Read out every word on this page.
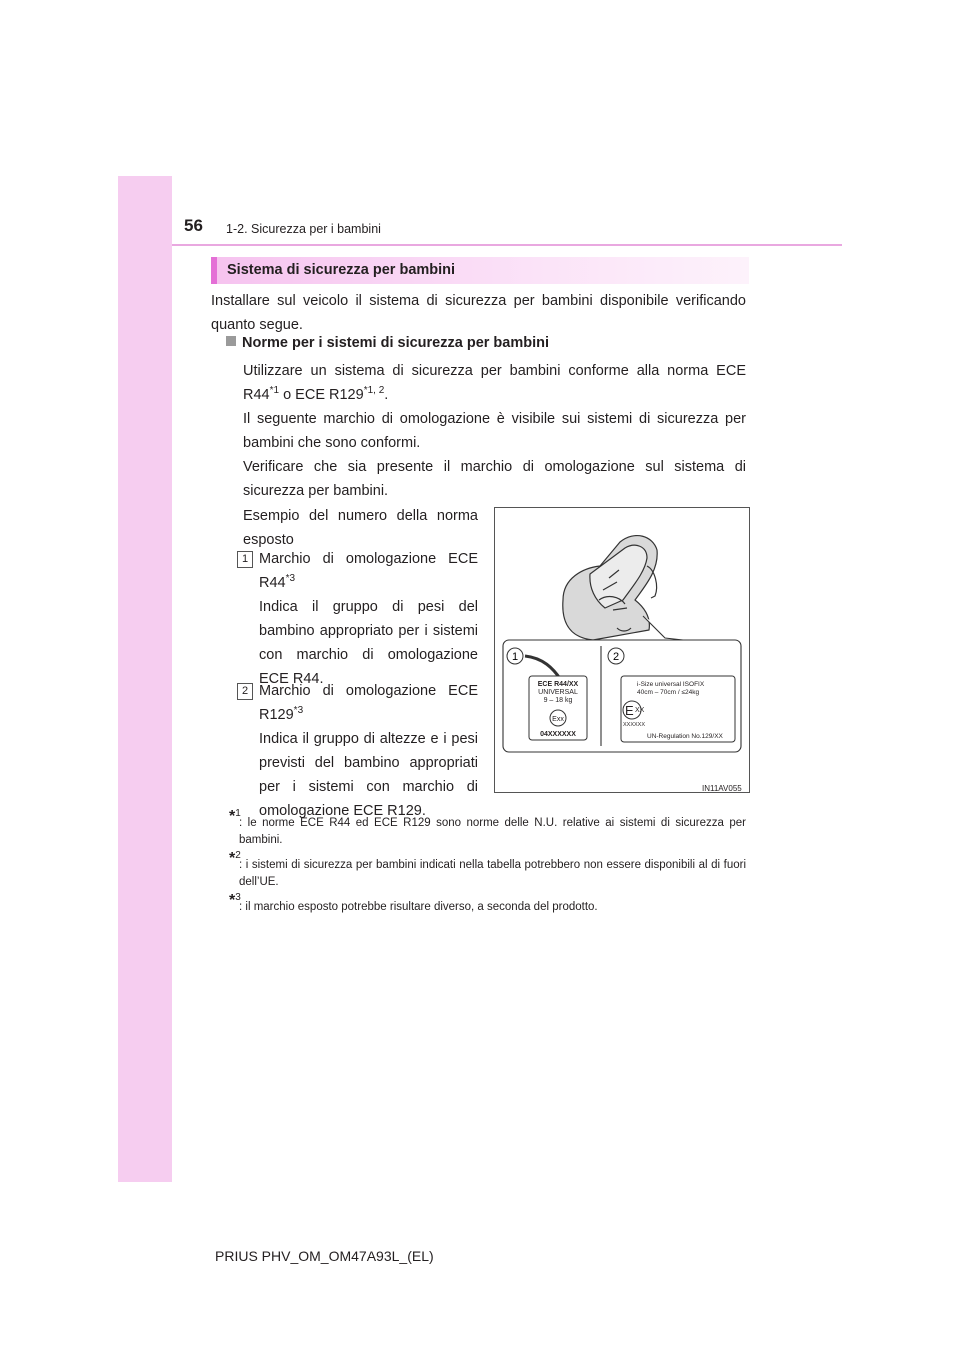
56 1-2. Sicurezza per i bambini
Sistema di sicurezza per bambini

Installare sul veicolo il sistema di sicurezza per bambini disponibile verificando quanto segue.

Norme per i sistemi di sicurezza per bambini

Utilizzare un sistema di sicurezza per bambini conforme alla norma ECE R44$^{*1}$ o ECE R129$^{*1, 2}$.

Il seguente marchio di omologazione è visibile sui sistemi di sicurezza per bambini che sono conformi.

Verificare che sia presente il marchio di omologazione sul sistema di sicurezza per bambini.

Esempio del numero della norma esposto

1 Marchio di omologazione ECE R44$^{*3}$

Indica il gruppo di pesi del bambino appropriato per i sistemi con marchio di omologazione ECE R44.

2 Marchio di omologazione ECE R129$^{*3}$

Indica il gruppo di altezze e i pesi previsti del bambino appropriati per i sistemi con marchio di omologazione ECE R129.

1	2
ECE R44/XX
UNIVERSAL
9 – 18 kg
Exx
04XXXXXX
i-Size universal ISOFIX
40cm – 70cm / ≤24kg
E XX
XXXXXX
UN-Regulation No.129/XX
IN11AV055
*$^1$

: le norme ECE R44 ed ECE R129 sono norme delle N.U. relative ai sistemi di sicurezza per bambini.

*$^2$

: i sistemi di sicurezza per bambini indicati nella tabella potrebbero non essere disponibili al di fuori dell’UE.

*$^3$

: il marchio esposto potrebbe risultare diverso, a seconda del prodotto.

PRIUS PHV_OM_OM47A93L_(EL)
